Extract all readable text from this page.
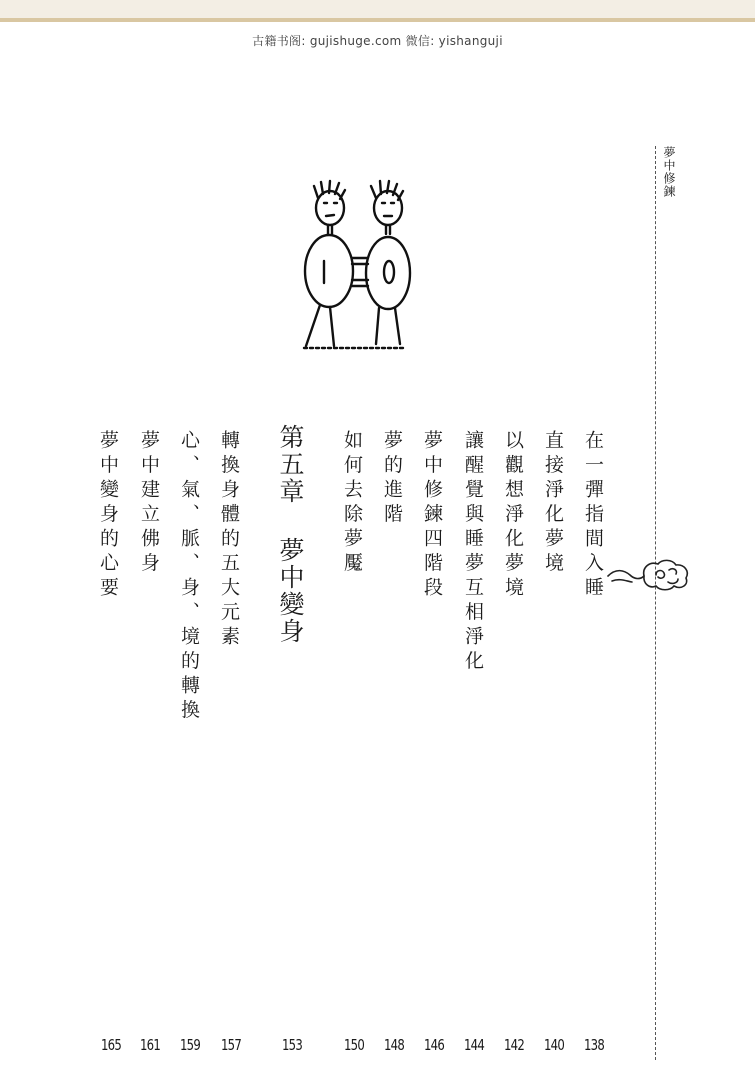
古籍书阁: gujishuge.com 微信: yishanguji
夢中修鍊
在一彈指間入睡
直接淨化夢境
以觀想淨化夢境
讓醒覺與睡夢互相淨化
夢中修鍊四階段
夢的進階
如何去除夢魘
第五章夢中變身
轉換身體的五大元素
心、氣、脈、身、境的轉換
夢中建立佛身
夢中變身的心要
138
140
142
144
146
148
150
153
157
159
161
165
